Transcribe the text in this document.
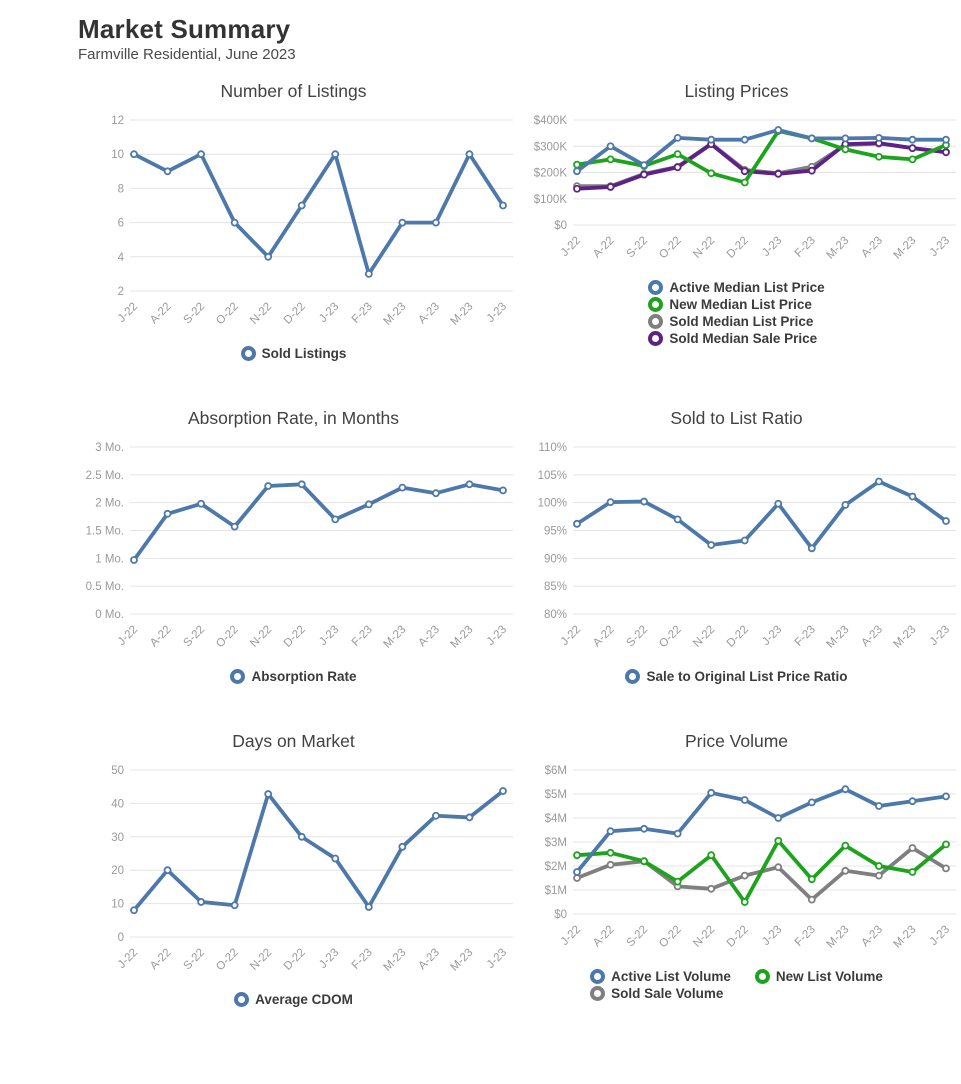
Market Summary
Farmville Residential, June 2023
Number of Listings
12
10
8
6
4
2
J-22 A-22 S-22 O-22 N-22 D-22 J-23 F-23 M-23 A-23 M-23 J-23
Sold Listings
Listing Prices
$400K
$300K
$200K
$100K
$0
J-22 A-22 S-22 O-22 N-22 D-22 J-23 F-23 M-23 A-23 M-23 J-23
Active Median List Price
New Median List Price
Sold Median List Price
Sold Median Sale Price
Absorption Rate, in Months
3 Mo.
2.5 Mo.
2 Mo.
1.5 Mo.
1 Mo.
0.5 Mo.
0 Mo.
J-22 A-22 S-22 O-22 N-22 D-22 J-23 F-23 M-23 A-23 M-23 J-23
Absorption Rate
Sold to List Ratio
110%
105%
100%
95%
90%
85%
80%
J-22 A-22 S-22 O-22 N-22 D-22 J-23 F-23 M-23 A-23 M-23 J-23
Sale to Original List Price Ratio
Days on Market
50
40
30
20
10
0
J-22 A-22 S-22 O-22 N-22 D-22 J-23 F-23 M-23 A-23 M-23 J-23
Average CDOM
Price Volume
$6M
$5M
$4M
$3M
$2M
$1M
$0
J-22 A-22 S-22 O-22 N-22 D-22 J-23 F-23 M-23 A-23 M-23 J-23
Active List Volume	New List Volume
Sold Sale Volume
